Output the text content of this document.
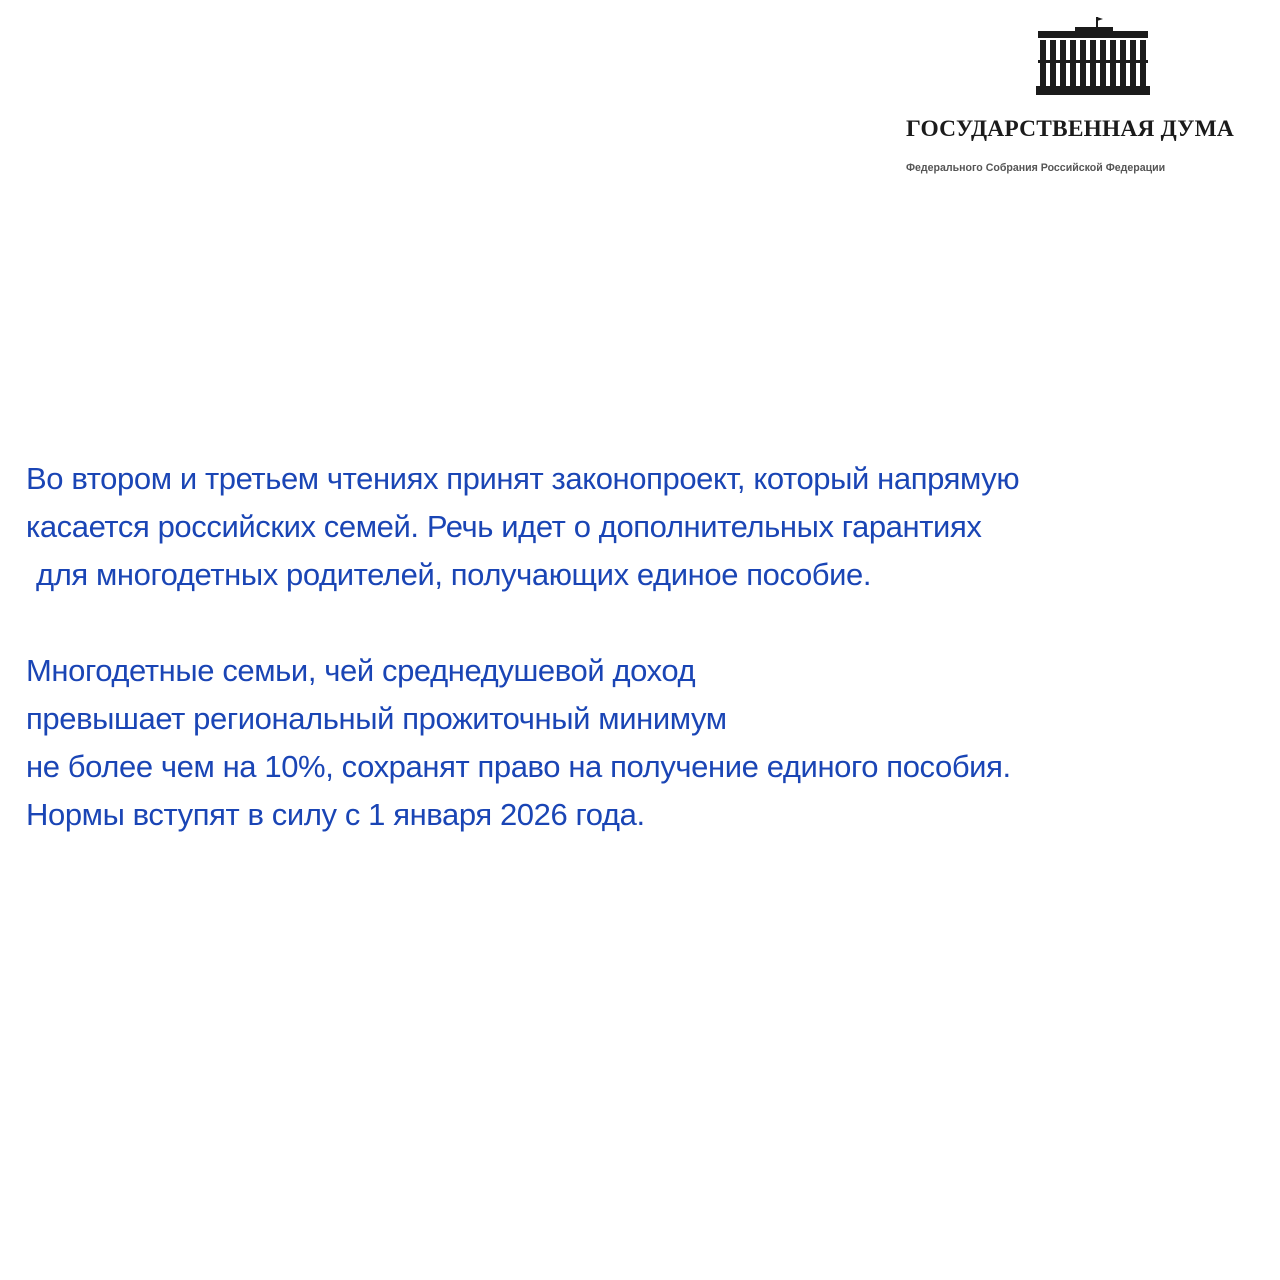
ГОСУДАРСТВЕННАЯ ДУМА
Федерального Собрания Российской Федерации

Во втором и третьем чтениях принят законопроект, который напрямую
касается российских семей. Речь идет о дополнительных гарантиях
для многодетных родителей, получающих единое пособие.

Многодетные семьи, чей среднедушевой доход
превышает региональный прожиточный минимум
не более чем на 10%, сохранят право на получение единого пособия.
Нормы вступят в силу с 1 января 2026 года.
